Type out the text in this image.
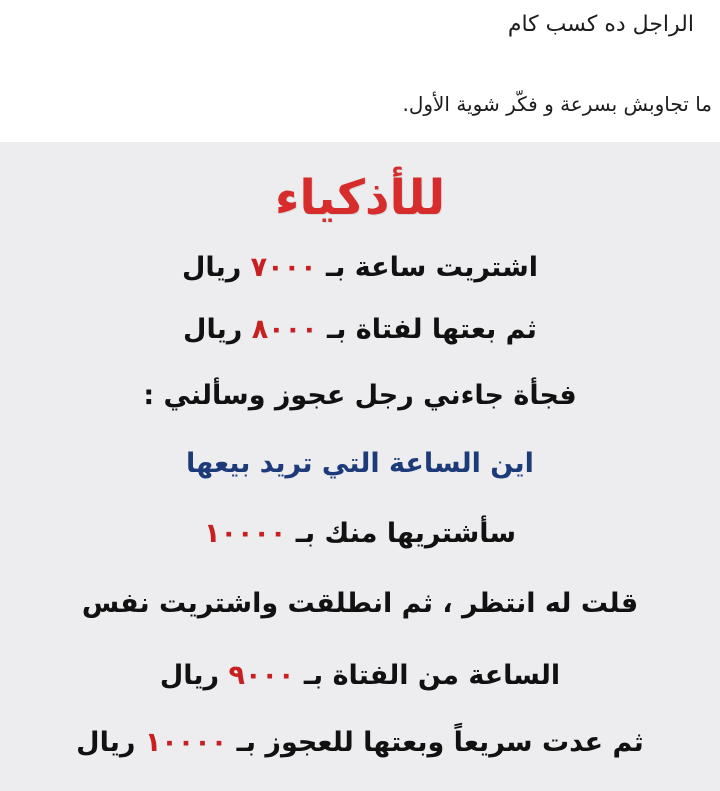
الراجل ده كسب كام
ما تجاوبش بسرعة و فكّر شوية الأول.
للأذكياء
اشتريت ساعة بـ ٧٠٠٠ ريال
ثم بعتها لفتاة بـ ٨٠٠٠ ريال
فجأة جاءني رجل عجوز وسألني :
اين الساعة التي تريد بيعها
سأشتريها منك بـ ١٠٠٠٠
قلت له انتظر ، ثم انطلقت واشتريت نفس
الساعة من الفتاة بـ ٩٠٠٠ ريال
ثم عدت سريعاً وبعتها للعجوز بـ ١٠٠٠٠ ريال
